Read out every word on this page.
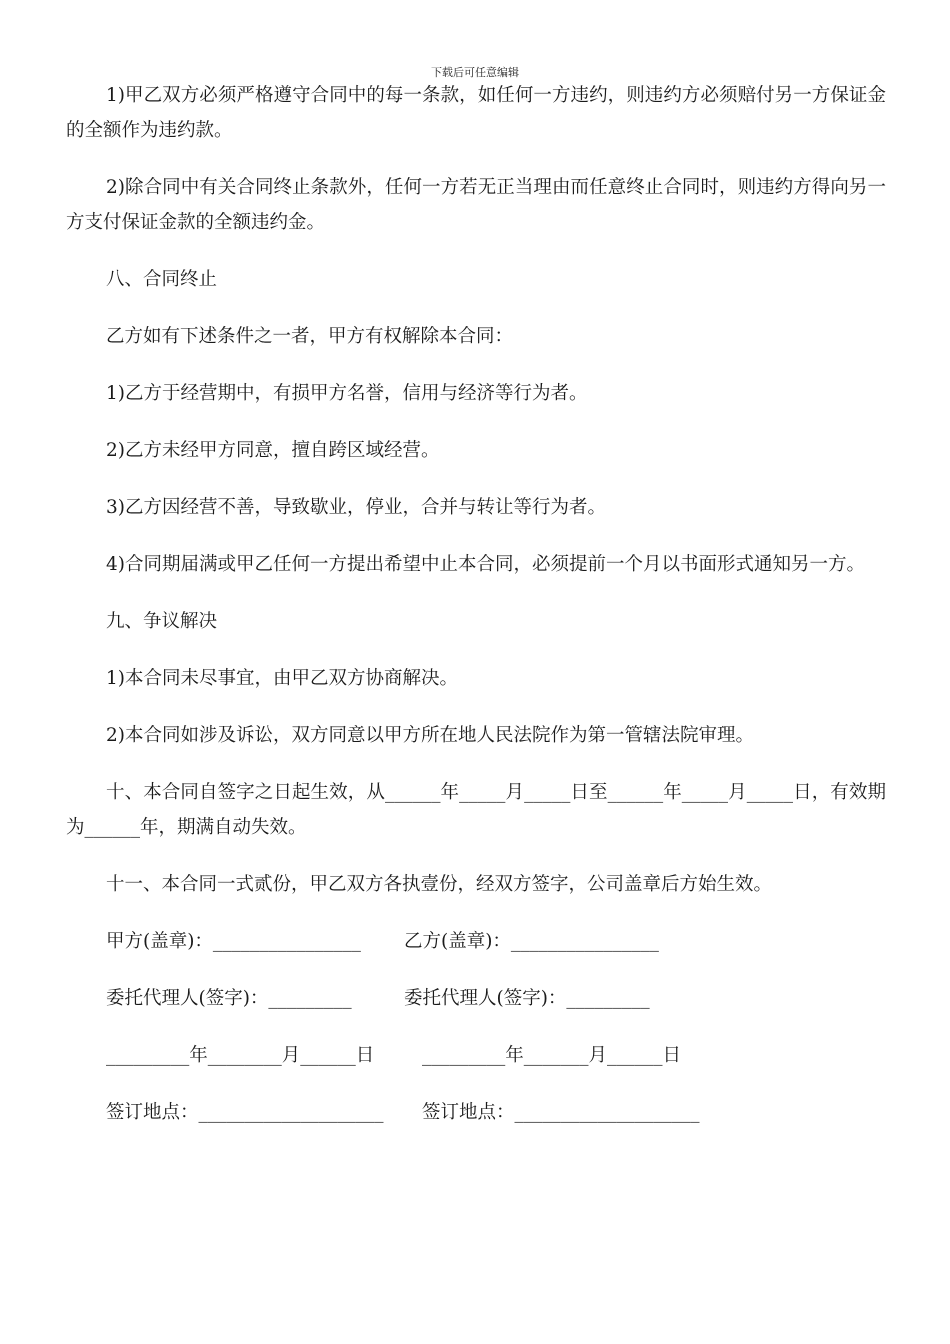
下载后可任意编辑

1)甲乙双方必须严格遵守合同中的每一条款，如任何一方违约，则违约方必须赔付另一方保证金的全额作为违约款。

2)除合同中有关合同终止条款外，任何一方若无正当理由而任意终止合同时，则违约方得向另一方支付保证金款的全额违约金。

八、合同终止

乙方如有下述条件之一者，甲方有权解除本合同：

1)乙方于经营期中，有损甲方名誉，信用与经济等行为者。

2)乙方未经甲方同意，擅自跨区域经营。

3)乙方因经营不善，导致歇业，停业，合并与转让等行为者。

4)合同期届满或甲乙任何一方提出希望中止本合同，必须提前一个月以书面形式通知另一方。

九、争议解决

1)本合同未尽事宜，由甲乙双方协商解决。

2)本合同如涉及诉讼，双方同意以甲方所在地人民法院作为第一管辖法院审理。

十、本合同自签字之日起生效，从______年_____月_____日至______年_____月_____日，有效期为______年，期满自动失效。

十一、本合同一式贰份，甲乙双方各执壹份，经双方签字，公司盖章后方始生效。

甲方(盖章)：________________	乙方(盖章)：________________
委托代理人(签字)：_________	委托代理人(签字)：_________
_________年________月______日	_________年_______月______日
签订地点：____________________	签订地点：____________________
